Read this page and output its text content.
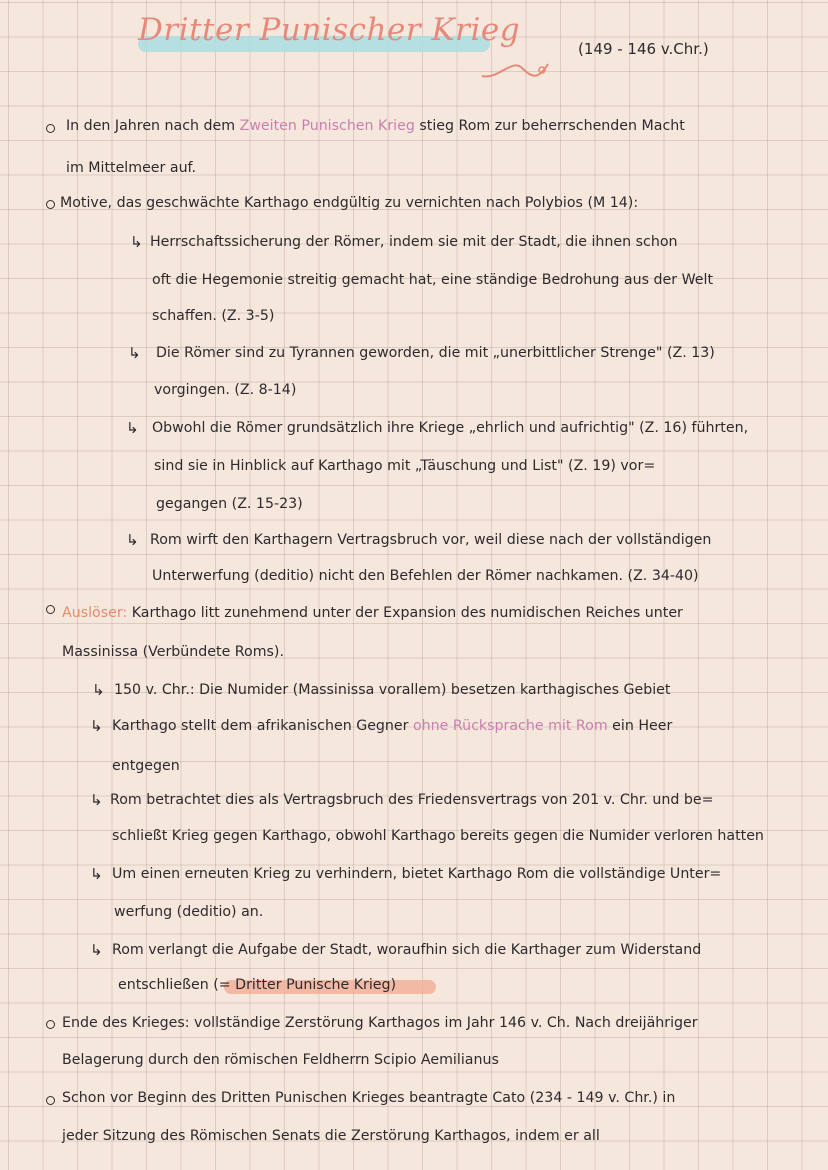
Dritter Punischer Krieg
(149 - 146 v.Chr.)
In den Jahren nach dem Zweiten Punischen Krieg stieg Rom zur beherrschenden Macht
im Mittelmeer auf.
Motive, das geschwächte Karthago endgültig zu vernichten nach Polybios (M 14):
↳ Herrschaftssicherung der Römer, indem sie mit der Stadt, die ihnen schon
oft die Hegemonie streitig gemacht hat, eine ständige Bedrohung aus der Welt
schaffen. (Z. 3-5)
↳ Die Römer sind zu Tyrannen geworden, die mit „unerbittlicher Strenge" (Z. 13)
vorgingen. (Z. 8-14)
↳ Obwohl die Römer grundsätzlich ihre Kriege „ehrlich und aufrichtig" (Z. 16) führten,
sind sie in Hinblick auf Karthago mit „Täuschung und List" (Z. 19) vor=
gegangen (Z. 15-23)
↳ Rom wirft den Karthagern Vertragsbruch vor, weil diese nach der vollständigen
Unterwerfung (deditio) nicht den Befehlen der Römer nachkamen. (Z. 34-40)
Auslöser: Karthago litt zunehmend unter der Expansion des numidischen Reiches unter
Massinissa (Verbündete Roms).
↳ 150 v. Chr.: Die Numider (Massinissa vorallem) besetzen karthagisches Gebiet
↳ Karthago stellt dem afrikanischen Gegner ohne Rücksprache mit Rom ein Heer
entgegen
↳ Rom betrachtet dies als Vertragsbruch des Friedensvertrags von 201 v. Chr. und be=
schließt Krieg gegen Karthago, obwohl Karthago bereits gegen die Numider verloren hatten
↳ Um einen erneuten Krieg zu verhindern, bietet Karthago Rom die vollständige Unter=
werfung (deditio) an.
↳ Rom verlangt die Aufgabe der Stadt, woraufhin sich die Karthager zum Widerstand
entschließen (= Dritter Punische Krieg)
Ende des Krieges: vollständige Zerstörung Karthagos im Jahr 146 v. Ch. Nach dreijähriger
Belagerung durch den römischen Feldherrn Scipio Aemilianus
Schon vor Beginn des Dritten Punischen Krieges beantragte Cato (234 - 149 v. Chr.) in
jeder Sitzung des Römischen Senats die Zerstörung Karthagos, indem er all
